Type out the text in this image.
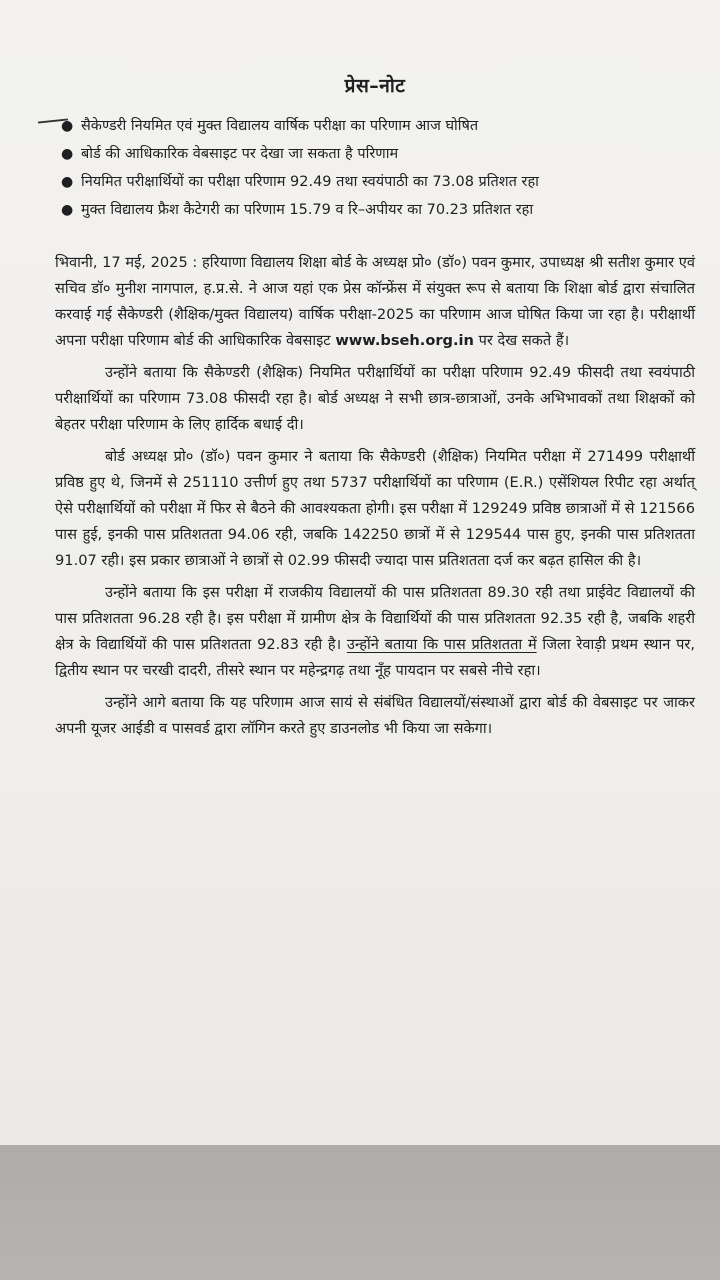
प्रेस–नोट
● सैकेण्डरी नियमित एवं मुक्त विद्यालय वार्षिक परीक्षा का परिणाम आज घोषित
● बोर्ड की आधिकारिक वेबसाइट पर देखा जा सकता है परिणाम
● नियमित परीक्षार्थियों का परीक्षा परिणाम 92.49 तथा स्वयंपाठी का 73.08 प्रतिशत रहा
● मुक्त विद्यालय फ्रैश कैटेगरी का परिणाम 15.79 व रि–अपीयर का 70.23 प्रतिशत रहा

भिवानी, 17 मई, 2025 : हरियाणा विद्यालय शिक्षा बोर्ड के अध्यक्ष प्रो० (डॉ०) पवन कुमार, उपाध्यक्ष श्री सतीश कुमार एवं सचिव डॉ० मुनीश नागपाल, ह.प्र.से. ने आज यहां एक प्रेस कॉन्फ्रेंस में संयुक्त रूप से बताया कि शिक्षा बोर्ड द्वारा संचालित करवाई गई सैकेण्डरी (शैक्षिक/मुक्त विद्यालय) वार्षिक परीक्षा-2025 का परिणाम आज घोषित किया जा रहा है। परीक्षार्थी अपना परीक्षा परिणाम बोर्ड की आधिकारिक वेबसाइट www.bseh.org.in पर देख सकते हैं।

उन्होंने बताया कि सैकेण्डरी (शैक्षिक) नियमित परीक्षार्थियों का परीक्षा परिणाम 92.49 फीसदी तथा स्वयंपाठी परीक्षार्थियों का परिणाम 73.08 फीसदी रहा है। बोर्ड अध्यक्ष ने सभी छात्र-छात्राओं, उनके अभिभावकों तथा शिक्षकों को बेहतर परीक्षा परिणाम के लिए हार्दिक बधाई दी।

बोर्ड अध्यक्ष प्रो० (डॉ०) पवन कुमार ने बताया कि सैकेण्डरी (शैक्षिक) नियमित परीक्षा में 271499 परीक्षार्थी प्रविष्ठ हुए थे, जिनमें से 251110 उत्तीर्ण हुए तथा 5737 परीक्षार्थियों का परिणाम (E.R.) एसेंशियल रिपीट रहा अर्थात् ऐसे परीक्षार्थियों को परीक्षा में फिर से बैठने की आवश्यकता होगी। इस परीक्षा में 129249 प्रविष्ठ छात्राओं में से 121566 पास हुई, इनकी पास प्रतिशतता 94.06 रही, जबकि 142250 छात्रों में से 129544 पास हुए, इनकी पास प्रतिशतता 91.07 रही। इस प्रकार छात्राओं ने छात्रों से 02.99 फीसदी ज्यादा पास प्रतिशतता दर्ज कर बढ़त हासिल की है।

उन्होंने बताया कि इस परीक्षा में राजकीय विद्यालयों की पास प्रतिशतता 89.30 रही तथा प्राईवेट विद्यालयों की पास प्रतिशतता 96.28 रही है। इस परीक्षा में ग्रामीण क्षेत्र के विद्यार्थियों की पास प्रतिशतता 92.35 रही है, जबकि शहरी क्षेत्र के विद्यार्थियों की पास प्रतिशतता 92.83 रही है। उन्होंने बताया कि पास प्रतिशतता में जिला रेवाड़ी प्रथम स्थान पर, द्वितीय स्थान पर चरखी दादरी, तीसरे स्थान पर महेन्द्रगढ़ तथा नूँह पायदान पर सबसे नीचे रहा।

उन्होंने आगे बताया कि यह परिणाम आज सायं से संबंधित विद्यालयों/संस्थाओं द्वारा बोर्ड की वेबसाइट पर जाकर अपनी यूजर आईडी व पासवर्ड द्वारा लॉगिन करते हुए डाउनलोड भी किया जा सकेगा।
